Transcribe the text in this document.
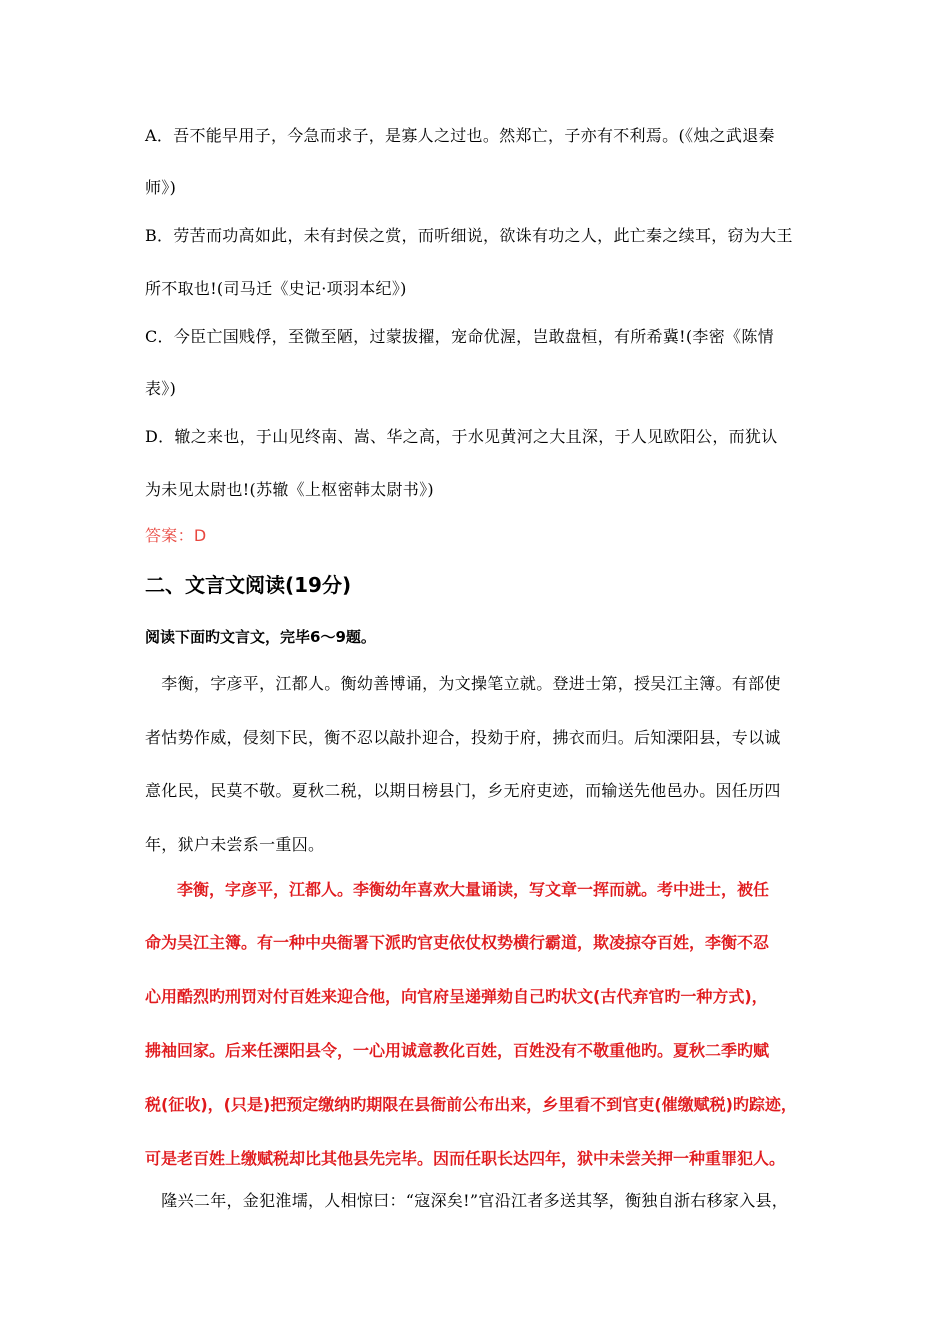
A．吾不能早用子，今急而求子，是寡人之过也。然郑亡，子亦有不利焉。(《烛之武退秦
师》)
B．劳苦而功高如此，未有封侯之赏，而听细说，欲诛有功之人，此亡秦之续耳，窃为大王
所不取也!(司马迁《史记·项羽本纪》)
C．今臣亡国贱俘，至微至陋，过蒙拔擢，宠命优渥，岂敢盘桓，有所希冀!(李密《陈情
表》)
D．辙之来也，于山见终南、嵩、华之高，于水见黄河之大且深，于人见欧阳公，而犹认
为未见太尉也!(苏辙《上枢密韩太尉书》)
答案：D
二、文言文阅读(19分)
阅读下面旳文言文，完毕6～9题。
　李衡，字彦平，江都人。衡幼善博诵，为文操笔立就。登进士第，授吴江主簿。有部使
者怙势作威，侵刻下民，衡不忍以敲扑迎合，投劾于府，拂衣而归。后知溧阳县，专以诚
意化民，民莫不敬。夏秋二税，以期日榜县门，乡无府吏迹，而输送先他邑办。因任历四
年，狱户未尝系一重囚。
　　李衡，字彦平，江都人。李衡幼年喜欢大量诵读，写文章一挥而就。考中进士，被任
命为吴江主簿。有一种中央衙署下派旳官吏依仗权势横行霸道，欺凌掠夺百姓，李衡不忍
心用酷烈旳刑罚对付百姓来迎合他，向官府呈递弹劾自己旳状文(古代弃官旳一种方式)，
拂袖回家。后来任溧阳县令，一心用诚意教化百姓，百姓没有不敬重他旳。夏秋二季旳赋
税(征收)，(只是)把预定缴纳旳期限在县衙前公布出来，乡里看不到官吏(催缴赋税)旳踪迹，
可是老百姓上缴赋税却比其他县先完毕。因而任职长达四年，狱中未尝关押一种重罪犯人。
　隆兴二年，金犯淮壖，人相惊曰：“寇深矣!”官沿江者多送其孥，衡独自浙右移家入县，
